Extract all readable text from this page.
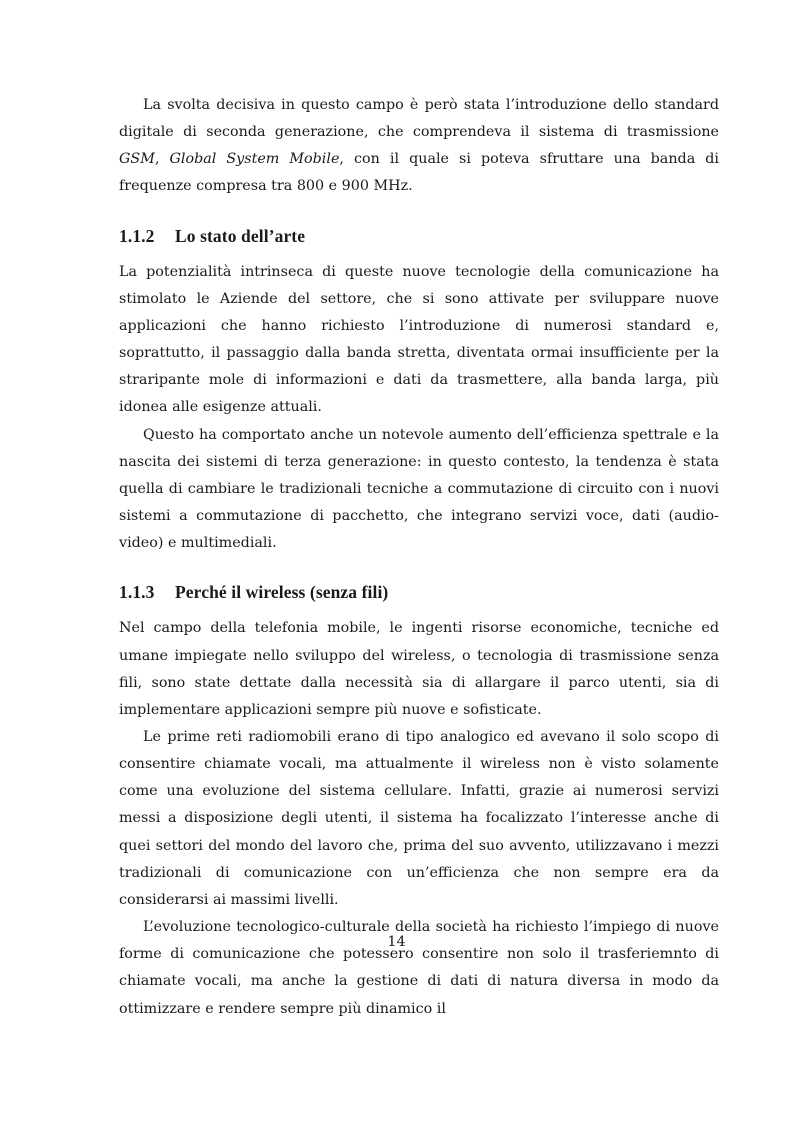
La svolta decisiva in questo campo è però stata l’introduzione dello standard digitale di seconda generazione, che comprendeva il sistema di trasmissione GSM, Global System Mobile, con il quale si poteva sfruttare una banda di frequenze compresa tra 800 e 900 MHz.

1.1.2 Lo stato dell’arte

La potenzialità intrinseca di queste nuove tecnologie della comunicazione ha stimolato le Aziende del settore, che si sono attivate per sviluppare nuove applicazioni che hanno richiesto l’introduzione di numerosi standard e, soprattutto, il passaggio dalla banda stretta, diventata ormai insufficiente per la straripante mole di informazioni e dati da trasmettere, alla banda larga, più idonea alle esigenze attuali.

Questo ha comportato anche un notevole aumento dell’efficienza spettrale e la nascita dei sistemi di terza generazione: in questo contesto, la tendenza è stata quella di cambiare le tradizionali tecniche a commutazione di circuito con i nuovi sistemi a commutazione di pacchetto, che integrano servizi voce, dati (audio-video) e multimediali.

1.1.3 Perché il wireless (senza fili)

Nel campo della telefonia mobile, le ingenti risorse economiche, tecniche ed umane impiegate nello sviluppo del wireless, o tecnologia di trasmissione senza fili, sono state dettate dalla necessità sia di allargare il parco utenti, sia di implementare applicazioni sempre più nuove e sofisticate.

Le prime reti radiomobili erano di tipo analogico ed avevano il solo scopo di consentire chiamate vocali, ma attualmente il wireless non è visto solamente come una evoluzione del sistema cellulare. Infatti, grazie ai numerosi servizi messi a disposizione degli utenti, il sistema ha focalizzato l’interesse anche di quei settori del mondo del lavoro che, prima del suo avvento, utilizzavano i mezzi tradizionali di comunicazione con un’efficienza che non sempre era da considerarsi ai massimi livelli.

L’evoluzione tecnologico-culturale della società ha richiesto l’impiego di nuove forme di comunicazione che potessero consentire non solo il trasferiemnto di chiamate vocali, ma anche la gestione di dati di natura diversa in modo da ottimizzare e rendere sempre più dinamico il

14
